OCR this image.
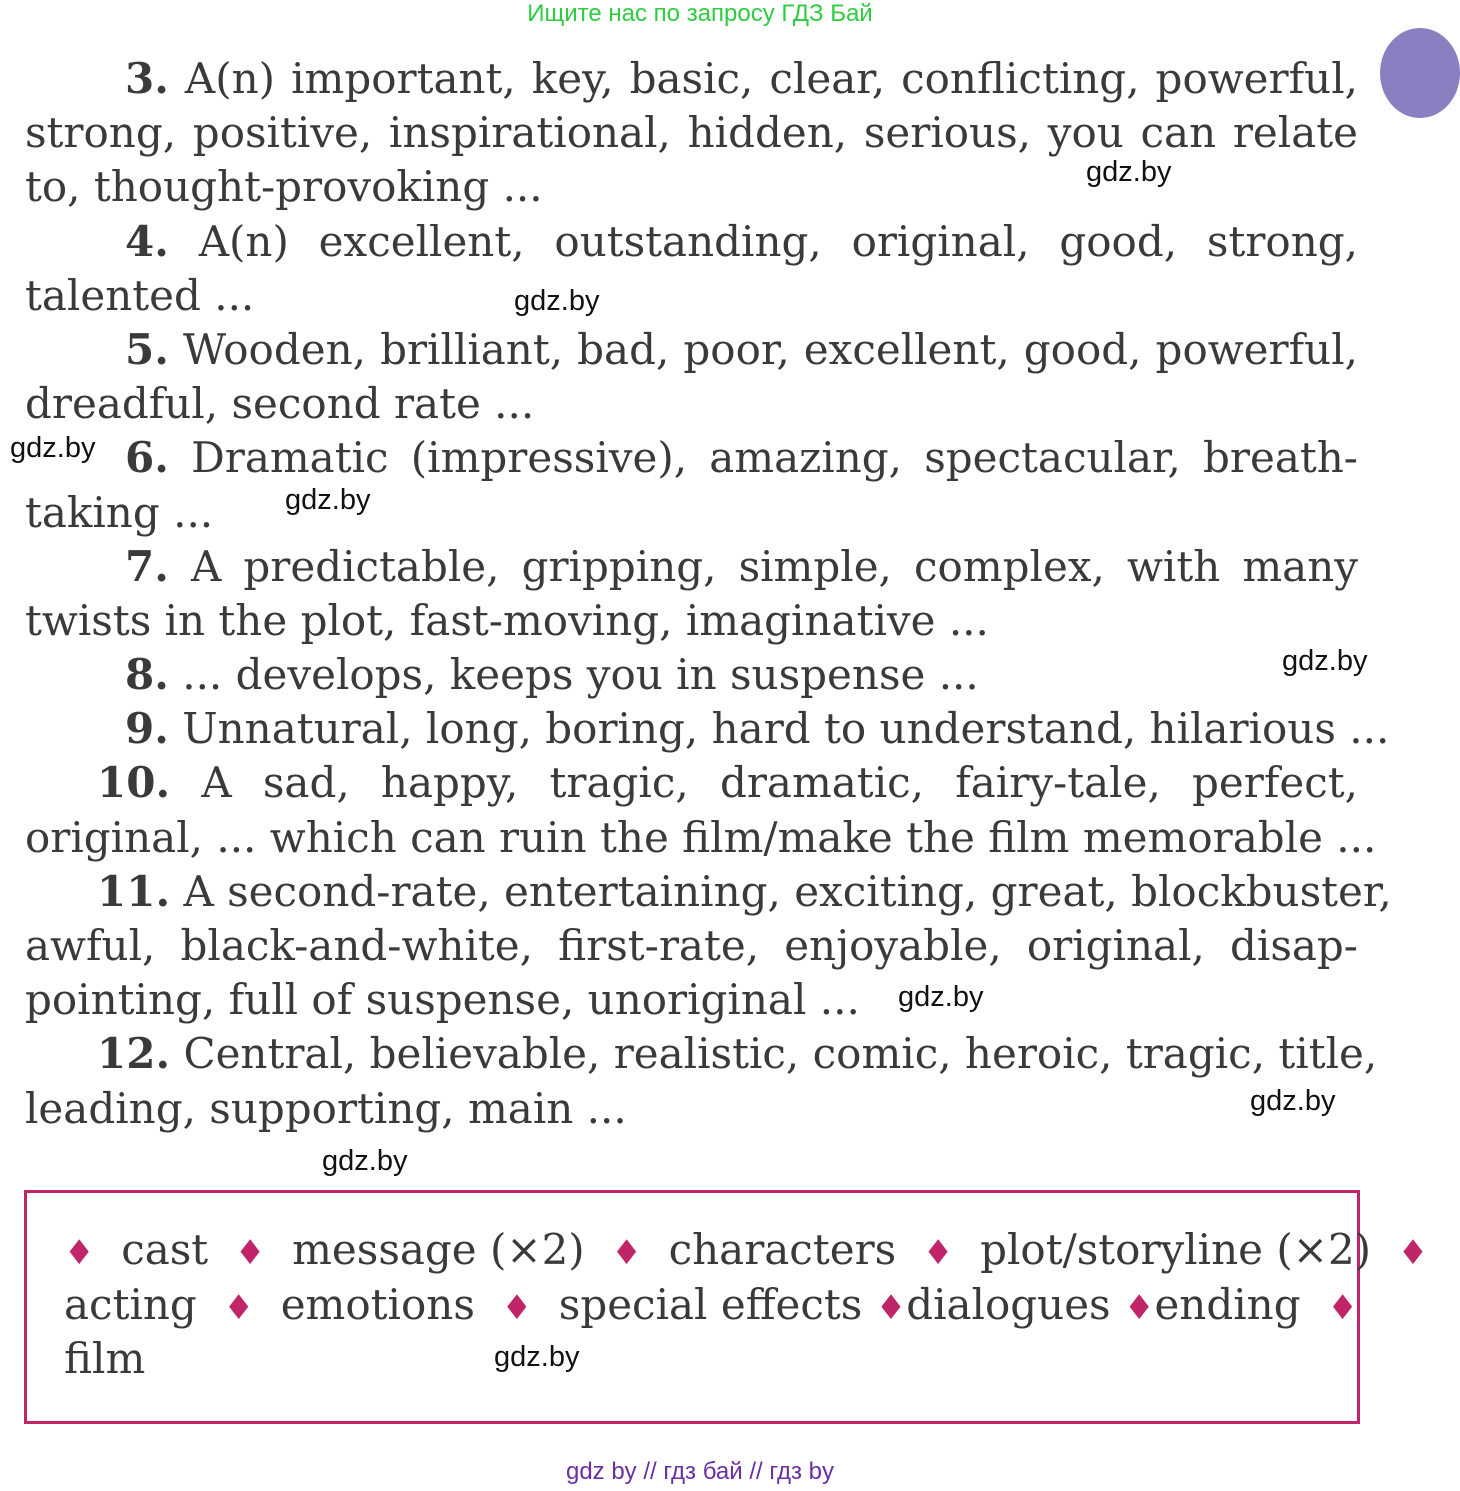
Ищите нас по запросу ГДЗ Бай
3. A(n) important, key, basic, clear, conflicting, powerful,
strong, positive, inspirational, hidden, serious, you can relate
to, thought-provoking ...
4. A(n) excellent, outstanding, original, good, strong,
talented ...
5. Wooden, brilliant, bad, poor, excellent, good, powerful,
dreadful, second rate ...
6. Dramatic (impressive), amazing, spectacular, breath-
taking ...
7. A predictable, gripping, simple, complex, with many
twists in the plot, fast-moving, imaginative ...
8. ... develops, keeps you in suspense ...
9. Unnatural, long, boring, hard to understand, hilarious ...
10. A sad, happy, tragic, dramatic, fairy-tale, perfect,
original, ... which can ruin the film/make the film memorable ...
11. A second-rate, entertaining, exciting, great, blockbuster,
awful, black-and-white, first-rate, enjoyable, original, disap-
pointing, full of suspense, unoriginal ...
12. Central, believable, realistic, comic, heroic, tragic, title,
leading, supporting, main ...
gdz.by
gdz.by
gdz.by
gdz.by
gdz.by
gdz.by
gdz.by
gdz.by
gdz.by
♦ cast ♦ message (×2) ♦ characters ♦ plot/storyline (×2) ♦
acting ♦ emotions ♦ special effects ♦dialogues ♦ending ♦
film
gdz by // гдз бай // гдз by
